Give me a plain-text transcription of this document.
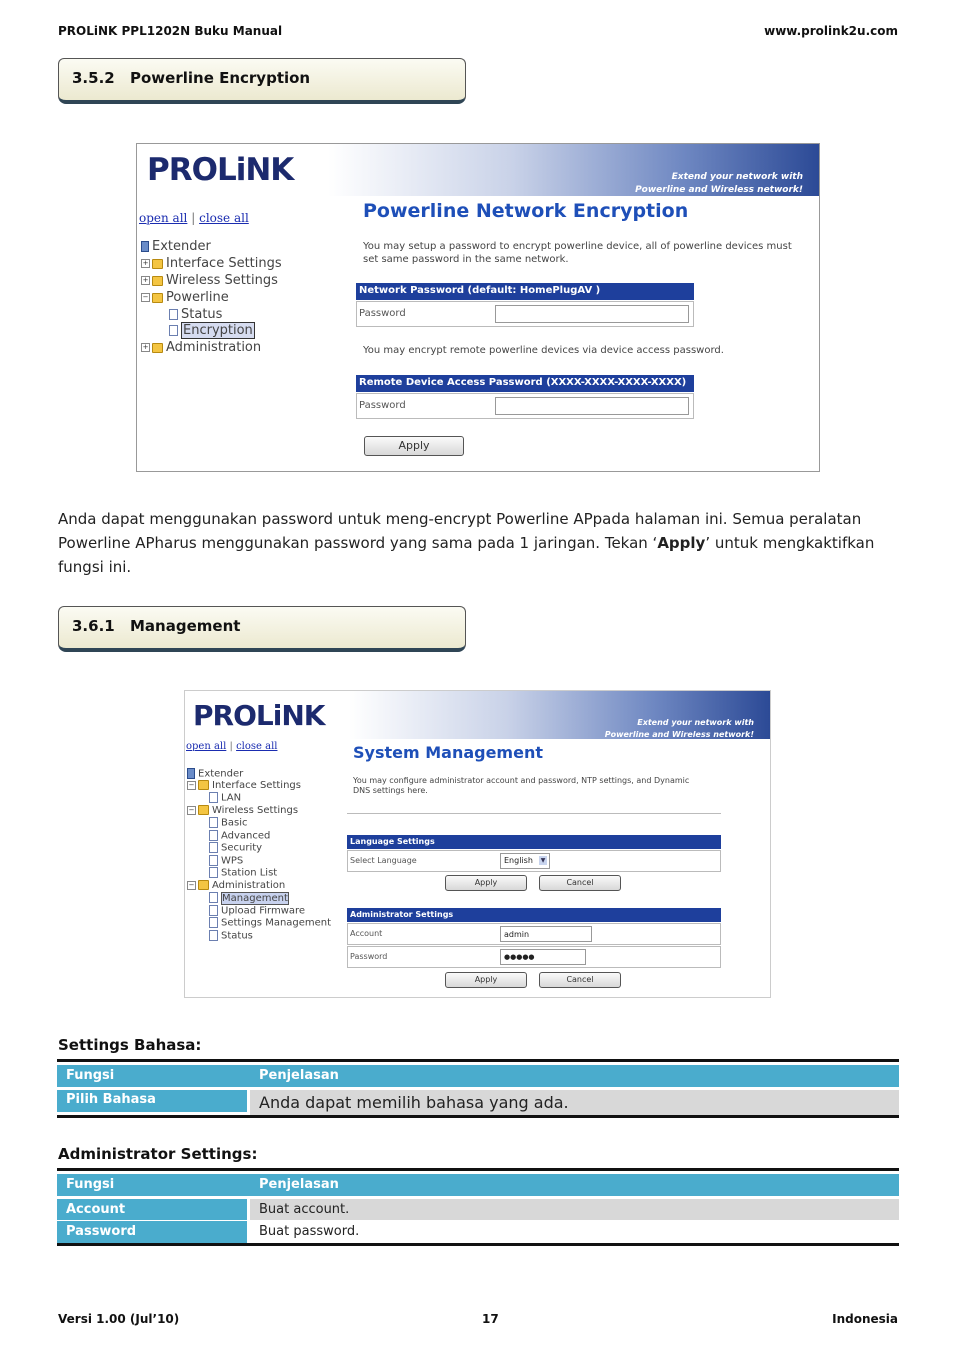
PROLiNK PPL1202N Buku Manual	www.prolink2u.com
3.5.2 Powerline Encryption
PROLiNK	Extend your network with
Powerline and Wireless network!
open all | close all
Extender
+ Interface Settings
+ Wireless Settings
− Powerline
Status
Encryption
+ Administration
Powerline Network Encryption
You may setup a password to encrypt powerline device, all of powerline devices must set same password in the same network.
Network Password (default: HomePlugAV )
Password
You may encrypt remote powerline devices via device access password.
Remote Device Access Password (XXXX-XXXX-XXXX-XXXX)
Password
Apply
Anda dapat menggunakan password untuk meng-encrypt Powerline APpada halaman ini. Semua peralatan Powerline APharus menggunakan password yang sama pada 1 jaringan. Tekan ‘Apply’ untuk mengkaktifkan fungsi ini.
3.6.1 Management
PROLiNK	Extend your network with
Powerline and Wireless network!
open all | close all
Extender
− Interface Settings
LAN
− Wireless Settings
Basic
Advanced
Security
WPS
Station List
− Administration
Management
Upload Firmware
Settings Management
Status
System Management
You may configure administrator account and password, NTP settings, and Dynamic DNS settings here.
Language Settings
Select Language	English ▼
Apply	Cancel
Administrator Settings
Account	admin
Password	●●●●●
Apply	Cancel
Settings Bahasa:
Fungsi	Penjelasan
Pilih Bahasa	Anda dapat memilih bahasa yang ada.
Administrator Settings:
Fungsi	Penjelasan
Account	Buat account.
Password	Buat password.
Versi 1.00 (Jul’10)	17	Indonesia
